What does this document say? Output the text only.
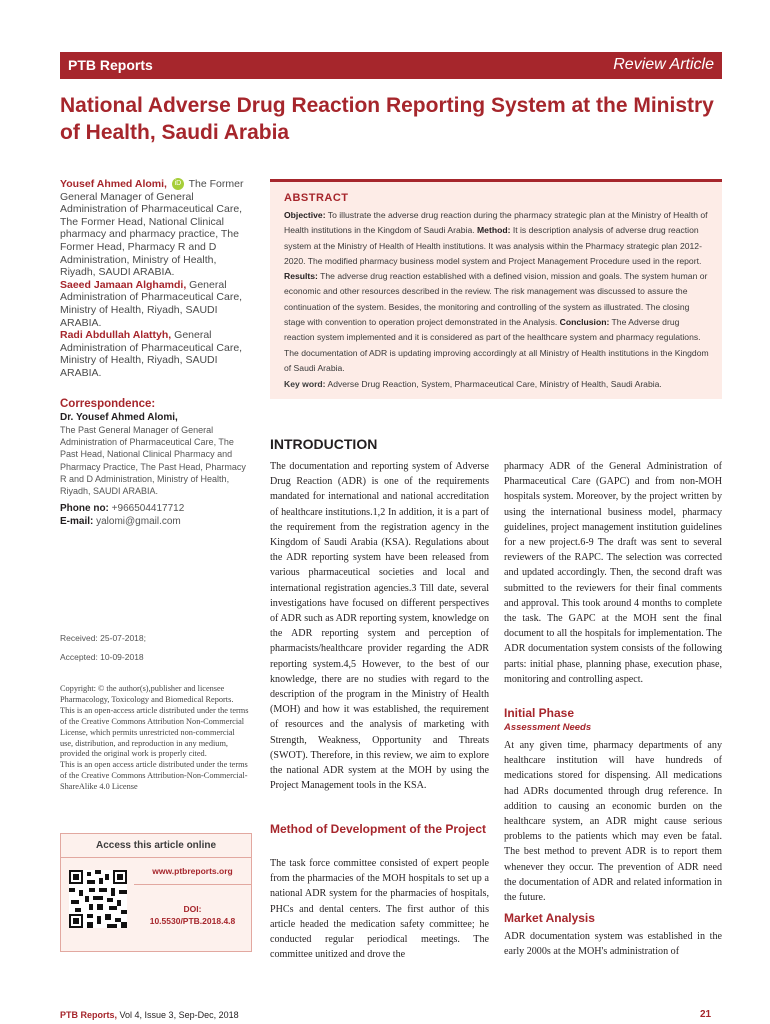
PTB Reports	Review Article
National Adverse Drug Reaction Reporting System at the Ministry of Health, Saudi Arabia

Yousef Ahmed Alomi, iD The Former General Manager of General Administration of Pharmaceutical Care, The Former Head, National Clinical pharmacy and pharmacy practice, The Former Head, Pharmacy R and D Administration, Ministry of Health, Riyadh, SAUDI ARABIA.

Saeed Jamaan Alghamdi, General Administration of Pharmaceutical Care, Ministry of Health, Riyadh, SAUDI ARABIA.

Radi Abdullah Alattyh, General Administration of Pharmaceutical Care, Ministry of Health, Riyadh, SAUDI ARABIA.

Correspondence:
Dr. Yousef Ahmed Alomi,
The Past General Manager of General Administration of Pharmaceutical Care, The Past Head, National Clinical Pharmacy and Pharmacy Practice, The Past Head, Pharmacy R and D Administration, Ministry of Health, Riyadh, SAUDI ARABIA.
Phone no: +966504417712
E-mail: yalomi@gmail.com
Received: 25-07-2018;
Accepted: 10-09-2018

Copyright: © the author(s),publisher and licensee Pharmacology, Toxicology and Biomedical Reports. This is an open-access article distributed under the terms of the Creative Commons Attribution Non-Commercial License, which permits unrestricted non-commercial use, distribution, and reproduction in any medium, provided the original work is properly cited.

This is an open access article distributed under the terms of the Creative Commons Attribution-Non-Commercial-ShareAlike 4.0 License

Access this article online
www.ptbreports.org
DOI:
10.5530/PTB.2018.4.8
ABSTRACT
Objective: To illustrate the adverse drug reaction during the pharmacy strategic plan at the Ministry of Health of Health institutions in the Kingdom of Saudi Arabia. Method: It is description analysis of adverse drug reaction system at the Ministry of Health of Health institutions. It was analysis within the Pharmacy strategic plan 2012-2020. The modified pharmacy business model system and Project Management Procedure used in the report. Results: The adverse drug reaction established with a defined vision, mission and goals. The system human or economic and other resources described in the review. The risk management was discussed to assure the continuation of the system. Besides, the monitoring and controlling of the system as illustrated. The closing stage with convention to operation project demonstrated in the Analysis. Conclusion: The Adverse drug reaction system implemented and it is considered as part of the healthcare system and pharmacy regulations. The documentation of ADR is updating improving accordingly at all Ministry of Health institutions in the Kingdom of Saudi Arabia.
Key word: Adverse Drug Reaction, System, Pharmaceutical Care, Ministry of Health, Saudi Arabia.
INTRODUCTION

The documentation and reporting system of Adverse Drug Reaction (ADR) is one of the requirements mandated for international and national accreditation of healthcare institutions.1,2 In addition, it is a part of the requirement from the registration agency in the Kingdom of Saudi Arabia (KSA). Regulations about the ADR reporting system have been released from various pharmaceutical societies and local and international registration agencies.3 Till date, several investigations have focused on different perspectives of ADR such as ADR reporting system, knowledge on the ADR reporting system and perception of pharmacists/healthcare provider regarding the ADR reporting system.4,5 However, to the best of our knowledge, there are no studies with regard to the description of the program in the Ministry of Health (MOH) and how it was established, the requirement of resources and the analysis of marketing with Strength, Weakness, Opportunity and Threats (SWOT). Therefore, in this review, we aim to explore the national ADR system at the MOH by using the Project Management tools in the KSA.

Method of Development of the Project

The task force committee consisted of expert people from the pharmacies of the MOH hospitals to set up a national ADR system for the pharmacies of hospitals, PHCs and dental centers. The first author of this article headed the medication safety committee; he conducted regular periodical meetings. The committee unitized and drove the

pharmacy ADR of the General Administration of Pharmaceutical Care (GAPC) and from non-MOH hospitals system. Moreover, by the project written by using the international business model, pharmacy guidelines, project management institution guidelines for a new project.6-9 The draft was sent to several reviewers of the RAPC. The selection was corrected and updated accordingly. Then, the second draft was submitted to the reviewers for their final comments and approval. This took around 4 months to complete the task. The GAPC at the MOH sent the final document to all the hospitals for implementation. The ADR documentation system consists of the following parts: initial phase, planning phase, execution phase, monitoring and controlling aspect.

Initial Phase
Assessment Needs

At any given time, pharmacy departments of any healthcare institution will have hundreds of medications stored for dispensing. All medications had ADRs documented through drug reference. In addition to causing an economic burden on the healthcare system, an ADR might cause serious problems to the patients which may even be fatal. The best method to prevent ADR is to report them whenever they occur. The prevention of ADR need the documentation of ADR and related information in the future.

Market Analysis

ADR documentation system was established in the early 2000s at the MOH's administration of

PTB Reports, Vol 4, Issue 3, Sep-Dec, 2018	21
